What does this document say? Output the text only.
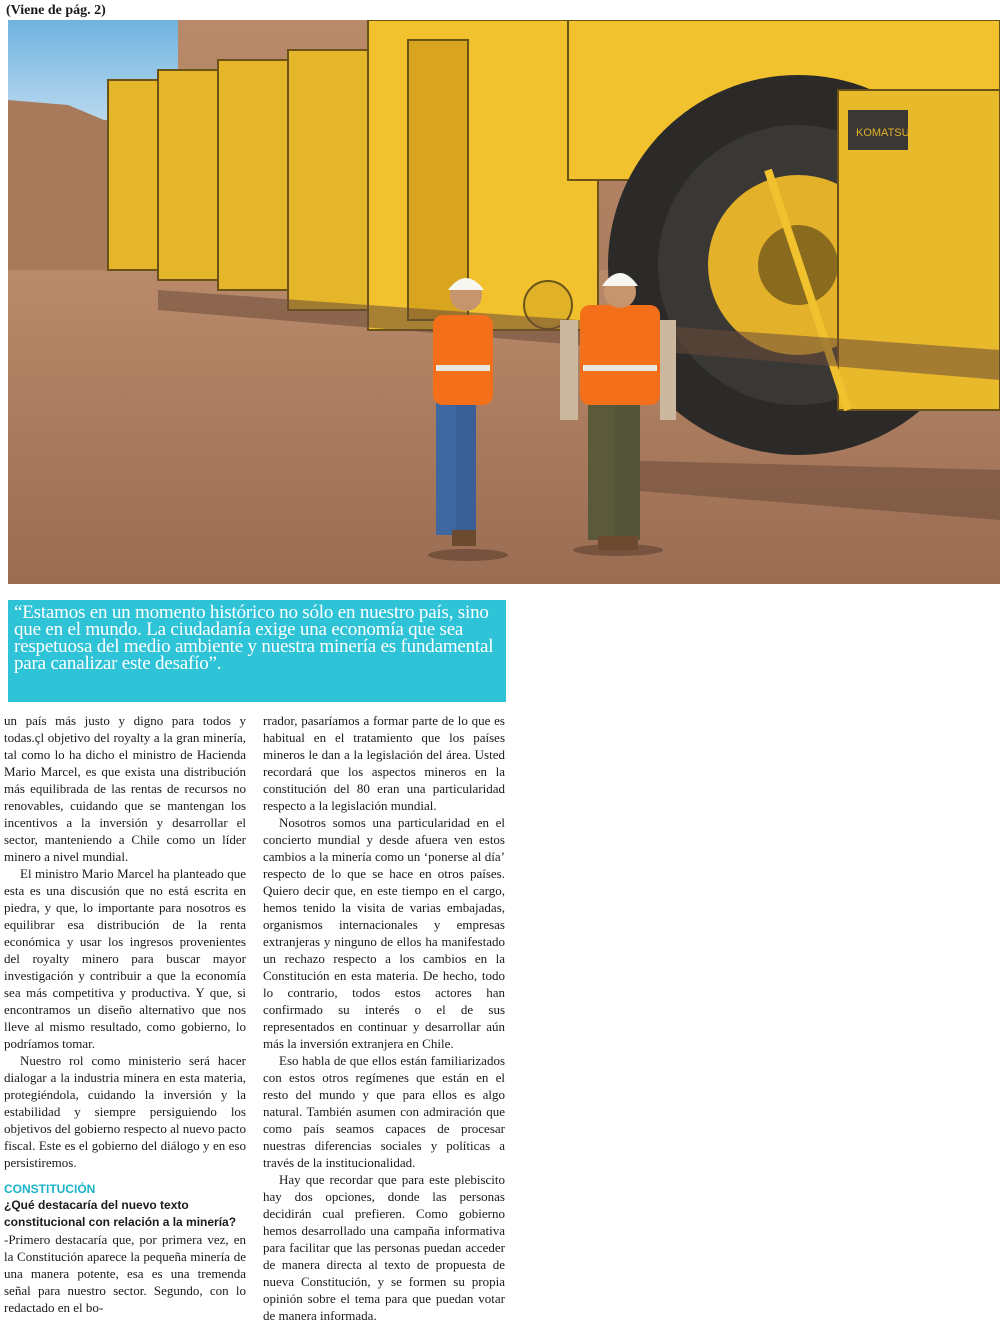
(Viene de pág. 2)
KOMATSU

“Estamos en un momento histórico no sólo en nuestro país, sino que en el mundo. La ciudadanía exige una economía que sea respetuosa del medio ambiente y nuestra minería es fundamental para canalizar este desafío”.

un país más justo y digno para todos y todas.çl objetivo del royalty a la gran minería, tal como lo ha dicho el ministro de Hacienda Mario Marcel, es que exista una distribución más equilibrada de las rentas de recursos no renovables, cuidando que se mantengan los incentivos a la inversión y desarrollar el sector, manteniendo a Chile como un líder minero a nivel mundial.

El ministro Mario Marcel ha planteado que esta es una discusión que no está escrita en piedra, y que, lo importante para nosotros es equilibrar esa distribución de la renta económica y usar los ingresos provenientes del royalty minero para buscar mayor investigación y contribuir a que la economía sea más competitiva y productiva. Y que, si encontramos un diseño alternativo que nos lleve al mismo resultado, como gobierno, lo podríamos tomar.

Nuestro rol como ministerio será hacer dialogar a la industria minera en esta materia, protegiéndola, cuidando la inversión y la estabilidad y siempre persiguiendo los objetivos del gobierno respecto al nuevo pacto fiscal. Este es el gobierno del diálogo y en eso persistiremos.

CONSTITUCIÓN
¿Qué destacaría del nuevo texto constitucional con relación a la minería?

-Primero destacaría que, por primera vez, en la Constitución aparece la pequeña minería de una manera potente, esa es una tremenda señal para nuestro sector. Segundo, con lo redactado en el bo-

rrador, pasaríamos a formar parte de lo que es habitual en el tratamiento que los países mineros le dan a la legislación del área. Usted recordará que los aspectos mineros en la constitución del 80 eran una particularidad respecto a la legislación mundial.

Nosotros somos una particularidad en el concierto mundial y desde afuera ven estos cambios a la minería como un ‘ponerse al día’ respecto de lo que se hace en otros países. Quiero decir que, en este tiempo en el cargo, hemos tenido la visita de varias embajadas, organismos internacionales y empresas extranjeras y ninguno de ellos ha manifestado un rechazo respecto a los cambios en la Constitución en esta materia. De hecho, todo lo contrario, todos estos actores han confirmado su interés o el de sus representados en continuar y desarrollar aún más la inversión extranjera en Chile.

Eso habla de que ellos están familiarizados con estos otros regímenes que están en el resto del mundo y que para ellos es algo natural. También asumen con admiración que como país seamos capaces de procesar nuestras diferencias sociales y políticas a través de la institucionalidad.

Hay que recordar que para este plebiscito hay dos opciones, donde las personas decidirán cual prefieren. Como gobierno hemos desarrollado una campaña informativa para facilitar que las personas puedan acceder de manera directa al texto de propuesta de nueva Constitución, y se formen su propia opinión sobre el tema para que puedan votar de manera informada.
